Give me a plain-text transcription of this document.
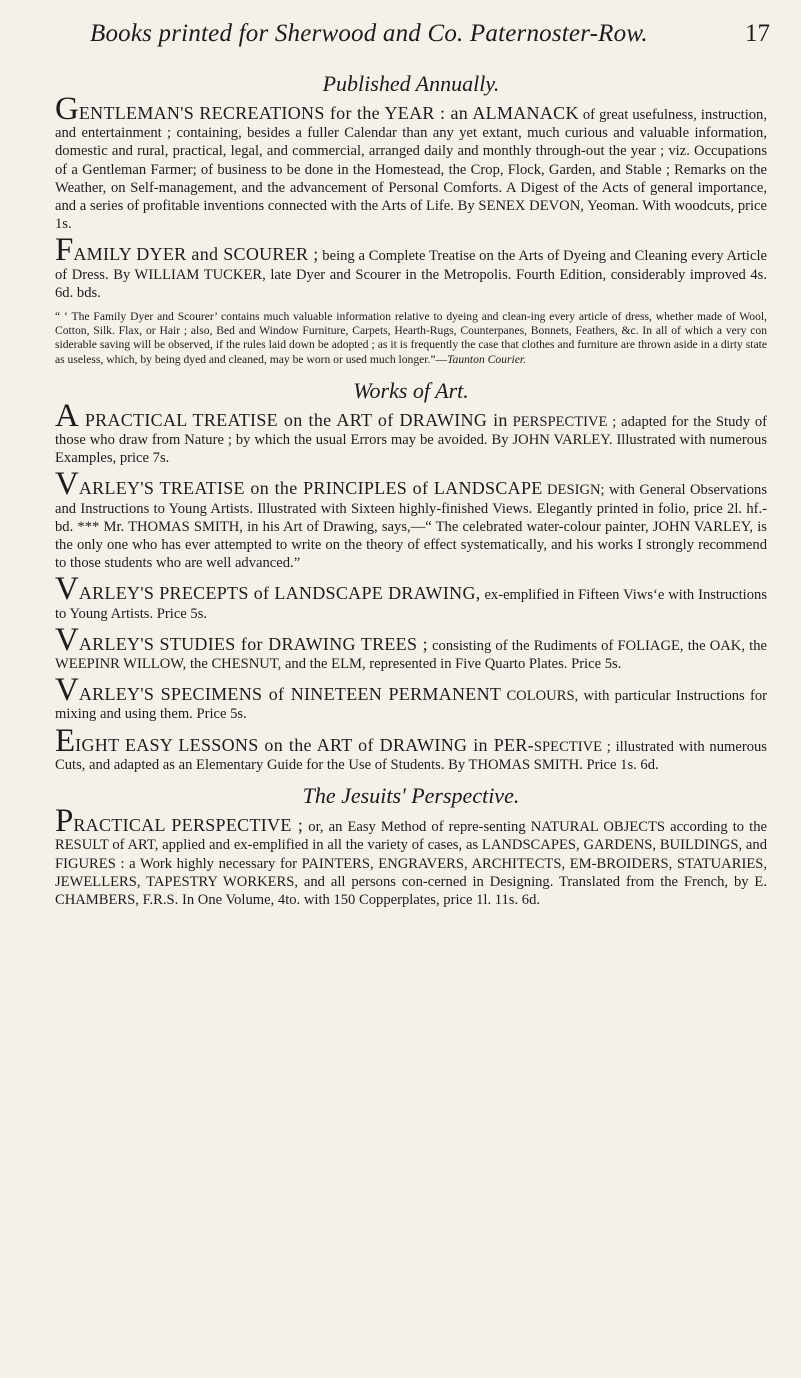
Books printed for Sherwood and Co. Paternoster-Row.	17
Published Annually.

GENTLEMAN'S RECREATIONS for the YEAR : an ALMANACK of great usefulness, instruction, and entertainment ; containing, besides a fuller Calendar than any yet extant, much curious and valuable information, domestic and rural, practical, legal, and commercial, arranged daily and monthly through-out the year ; viz. Occupations of a Gentleman Farmer; of business to be done in the Homestead, the Crop, Flock, Garden, and Stable ; Remarks on the Weather, on Self-management, and the advancement of Personal Comforts. A Digest of the Acts of general importance, and a series of profitable inventions connected with the Arts of Life. By SENEX DEVON, Yeoman. With woodcuts, price 1s.

FAMILY DYER and SCOURER ; being a Complete Treatise on the Arts of Dyeing and Cleaning every Article of Dress. By WILLIAM TUCKER, late Dyer and Scourer in the Metropolis. Fourth Edition, considerably improved 4s. 6d. bds.

“ ‘ The Family Dyer and Scourer’ contains much valuable information relative to dyeing and clean-ing every article of dress, whether made of Wool, Cotton, Silk. Flax, or Hair ; also, Bed and Window Furniture, Carpets, Hearth-Rugs, Counterpanes, Bonnets, Feathers, &c. In all of which a very con siderable saving will be observed, if the rules laid down be adopted ; as it is frequently the case that clothes and furniture are thrown aside in a dirty state as useless, which, by being dyed and cleaned, may be worn or used much longer.”—Taunton Courier.

Works of Art.

A PRACTICAL TREATISE on the ART of DRAWING in PERSPECTIVE ; adapted for the Study of those who draw from Nature ; by which the usual Errors may be avoided. By JOHN VARLEY. Illustrated with numerous Examples, price 7s.

VARLEY'S TREATISE on the PRINCIPLES of LANDSCAPE DESIGN; with General Observations and Instructions to Young Artists. Illustrated with Sixteen highly-finished Views. Elegantly printed in folio, price 2l. hf.-bd. *** Mr. THOMAS SMITH, in his Art of Drawing, says,—“ The celebrated water-colour painter, JOHN VARLEY, is the only one who has ever attempted to write on the theory of effect systematically, and his works I strongly recommend to those students who are well advanced.”

VARLEY'S PRECEPTS of LANDSCAPE DRAWING, ex-emplified in Fifteen Viws‘e with Instructions to Young Artists. Price 5s.

VARLEY'S STUDIES for DRAWING TREES ; consisting of the Rudiments of FOLIAGE, the OAK, the WEEPINR WILLOW, the CHESNUT, and the ELM, represented in Five Quarto Plates. Price 5s.

VARLEY'S SPECIMENS of NINETEEN PERMANENT COLOURS, with particular Instructions for mixing and using them. Price 5s.

EIGHT EASY LESSONS on the ART of DRAWING in PER-SPECTIVE ; illustrated with numerous Cuts, and adapted as an Elementary Guide for the Use of Students. By THOMAS SMITH. Price 1s. 6d.

The Jesuits' Perspective.

PRACTICAL PERSPECTIVE ; or, an Easy Method of repre-senting NATURAL OBJECTS according to the RESULT of ART, applied and ex-emplified in all the variety of cases, as LANDSCAPES, GARDENS, BUILDINGS, and FIGURES : a Work highly necessary for PAINTERS, ENGRAVERS, ARCHITECTS, EM-BROIDERS, STATUARIES, JEWELLERS, TAPESTRY WORKERS, and all persons con-cerned in Designing. Translated from the French, by E. CHAMBERS, F.R.S. In One Volume, 4to. with 150 Copperplates, price 1l. 11s. 6d.
